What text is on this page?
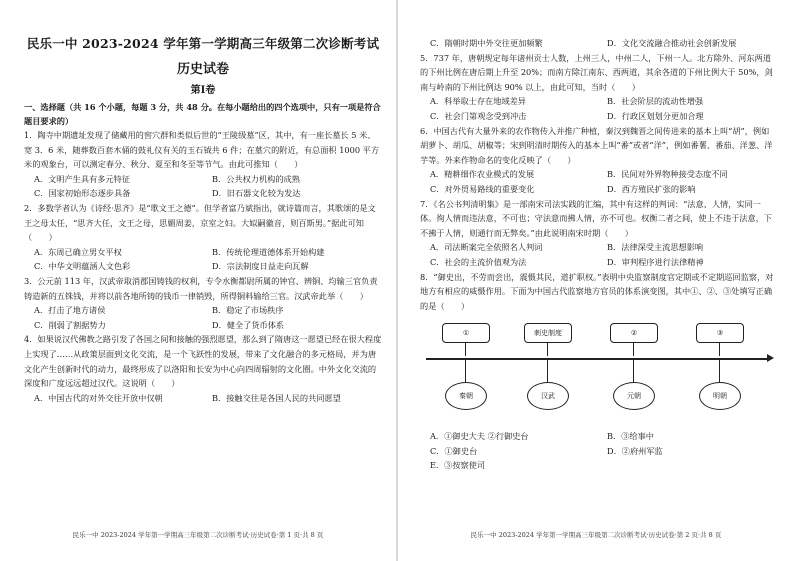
民乐一中 2023-2024 学年第一学期高三年级第二次诊断考试
历史试卷
第Ⅰ卷

一、选择题（共 16 个小题，每题 3 分，共 48 分。在每小题给出的四个选项中，只有一项是符合题目要求的）

1．陶寺中期遗址发现了储藏用的窖穴群和类似后世的“王陵级墓”区，其中，有一座长墓长 5 米、宽 3．6 米，随葬数百套木俑的鼓礼仪有关的玉石钺共 6 件；在墓穴的附近，有总面积 1000 平方米的观象台，可以测定春分、秋分、夏至和冬至等节气。由此可推知（　　）

A．文明产生具有多元特征	B．公共权力机构的成熟
C．国家初始形态逐步具备	D．旧石器文化较为发达

2．多数学者认为《诗经·思齐》是“歌文王之德”。但学者富乃斌指出，就诗篇而言，其歌颂的是文王之母太任，“思齐大任，文王之母，思媚周姜，京室之妇。大姒嗣徽音，则百斯男。”据此可知（　　）

A．东周已确立男女平权	B．传统伦理道德体系开始构建
C．中华文明蕴涵人文色彩	D．宗法制度日益走向瓦解

3．公元前 113 年，汉武帝取消郡国铸钱的权利，专令水衡都尉所属的钟官、辨铜、均输三官负责铸造新的五铢钱，并将以前各地所铸的钱币一律销毁，所得铜料输给三官。汉武帝此举（　　）

A．打击了地方诸侯	B．稳定了市场秩序
C．削弱了割据势力	D．健全了货币体系

4．如果说汉代佛教之路引发了各国之间和接触的强烈愿望，那么到了隋唐这一愿望已经在很大程度上实现了……从政策层面到文化交流，是一个飞跃性的发展，带来了文化融合的多元格局，并为唐文化产生创新时代的动力，最终形成了以洛阳和长安为中心向四周辐射的文化圈。中外文化交流的深度和广度远远超过汉代。这说明（　　）

A．中国古代的对外交往开放中仅朝	B．接触交往是各国人民的共同愿望
民乐一中 2023-2024 学年第一学期高三年级第二次诊断考试·历史试卷·第 1 页·共 8 页
C．隋朝时期中外交往更加频繁	D．文化交流融合推动社会创新发展

5．737 年，唐朝规定每年诸州贡士人数，上州三人，中州二人，下州一人。北方除外、河东两道的下州比例在唐后期上升至 20%；而南方除江南东、西两道，其余各道的下州比例大于 50%，剑南与岭南的下州比例达 90% 以上，由此可知，当时（　　）

A．科举取士存在地域差异	B．社会阶层的流动性增强
C．社会门第观念受到冲击	D．行政区划划分更加合理

6．中国古代有大量外来的农作物传入并推广种植，秦汉到魏晋之间传进来的基本上叫“胡”，例如胡萝卜、胡瓜、胡椒等；宋到明清时期传入的基本上叫“番”或者“洋”，例如番薯、番茄、洋葱、洋芋等。外来作物命名的变化反映了（　　）

A．精耕细作农业模式的发展	B．民间对外界物种接受态度不同
C．对外贸易路线的重要变化	D．西方殖民扩张的影响

7．《名公书判清明集》是一部南宋司法实践的汇编，其中有这样的判词：“法意、人情，实同一体。徇人情而违法意，不可也；守法意而拂人情，亦不可也。权衡二者之间，使上不违于法意，下不拂于人情，则通行而无弊矣。”由此说明南宋时期（　　）

A．司法断案完全依照名人判词	B．法律深受主流思想影响
C．社会的主流价值观为法	D．审判程序进行法律精神

8．“御史出，不劳而尝出，震慑其民，道扩职权。”表明中央监察制度官定期或不定期巡回监察，对地方有相应的威慑作用。下面为中国古代监察地方官员的体系演变图，其中①、②、③处填写正确的是（　　）

①	刺史制度	②	③
秦朝	汉武	元朝	明朝
A．①御史大夫 ②行御史台	B．③给事中
C．①御史台	D．②府州军监
E．③按察使司
民乐一中 2023-2024 学年第一学期高三年级第二次诊断考试·历史试卷·第 2 页·共 8 页
